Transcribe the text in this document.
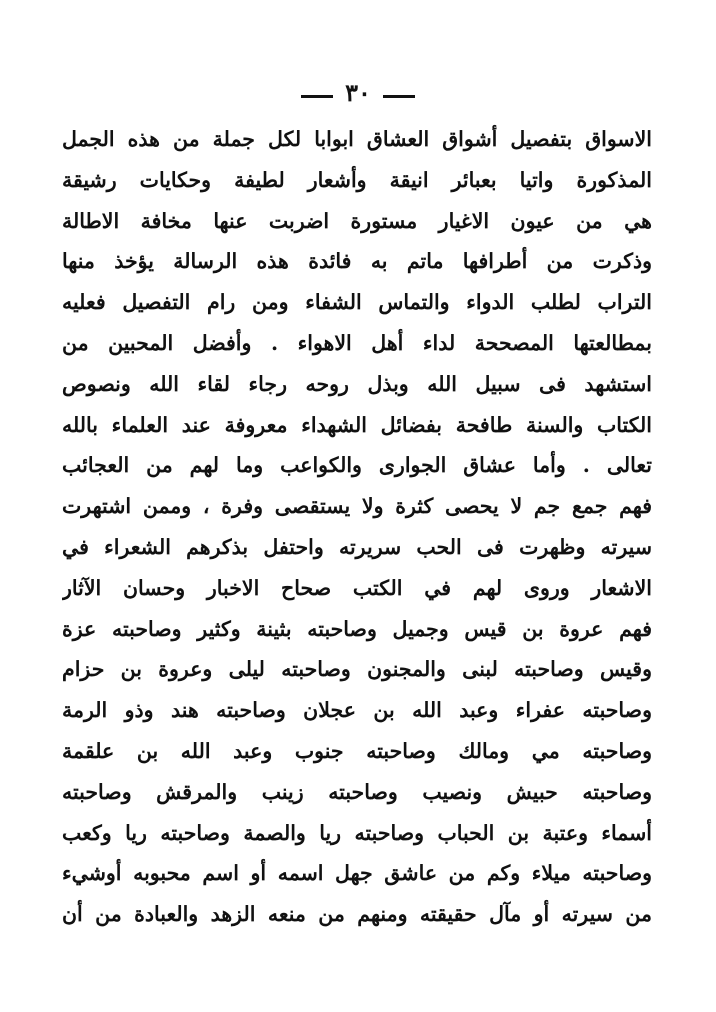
٣٠
الاسواق بتفصيل أشواق العشاق ابوابا لكل جملة من هذه الجمل
المذكورة واتيا بعبائر انيقة وأشعار لطيفة وحكايات رشيقة
هي من عيون الاغيار مستورة اضربت عنها مخافة الاطالة
وذكرت من أطرافها ماتم به فائدة هذه الرسالة يؤخذ منها
التراب لطلب الدواء والتماس الشفاء ومن رام التفصيل فعليه
بمطالعتها المصححة لداء أهل الاهواء . وأفضل المحبين من
استشهد فى سبيل الله وبذل روحه رجاء لقاء الله ونصوص
الكتاب والسنة طافحة بفضائل الشهداء معروفة عند العلماء بالله
تعالى . وأما عشاق الجوارى والكواعب وما لهم من العجائب
فهم جمع جم لا يحصى كثرة ولا يستقصى وفرة ، وممن اشتهرت
سيرته وظهرت فى الحب سريرته واحتفل بذكرهم الشعراء في
الاشعار وروى لهم في الكتب صحاح الاخبار وحسان الآثار
فهم عروة بن قيس وجميل وصاحبته بثينة وكثير وصاحبته عزة
وقيس وصاحبته لبنى والمجنون وصاحبته ليلى وعروة بن حزام
وصاحبته عفراء وعبد الله بن عجلان وصاحبته هند وذو الرمة
وصاحبته مي ومالك وصاحبته جنوب وعبد الله بن علقمة
وصاحبته حبيش ونصيب وصاحبته زينب والمرقش وصاحبته
أسماء وعتبة بن الحباب وصاحبته ريا والصمة وصاحبته ريا وكعب
وصاحبته ميلاء وكم من عاشق جهل اسمه أو اسم محبوبه أوشيء
من سيرته أو مآل حقيقته ومنهم من منعه الزهد والعبادة من أن
